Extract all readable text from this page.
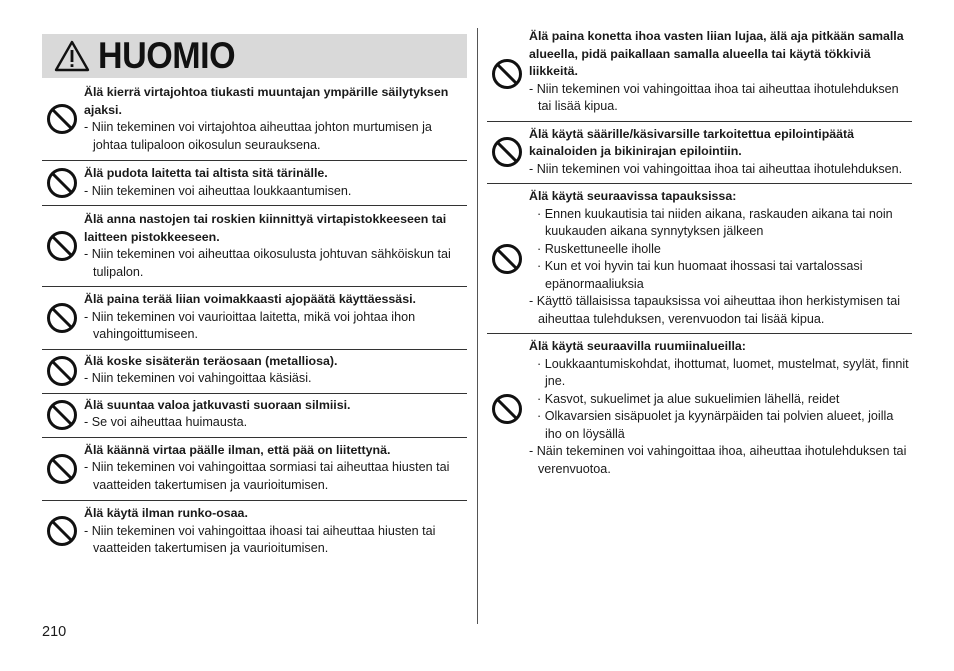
HUOMIO
Älä kierrä virtajohtoa tiukasti muuntajan ympärille säilytyksen ajaksi.
- Niin tekeminen voi virtajohtoa aiheuttaa johton murtumisen ja johtaa tulipaloon oikosulun seurauksena.
Älä pudota laitetta tai altista sitä tärinälle.
- Niin tekeminen voi aiheuttaa loukkaantumisen.
Älä anna nastojen tai roskien kiinnittyä virtapistokkeeseen tai laitteen pistokkeeseen.
- Niin tekeminen voi aiheuttaa oikosulusta johtuvan sähköiskun tai tulipalon.
Älä paina terää liian voimakkaasti ajopäätä käyttäessäsi.
- Niin tekeminen voi vaurioittaa laitetta, mikä voi johtaa ihon vahingoittumiseen.
Älä koske sisäterän teräosaan (metalliosa).
- Niin tekeminen voi vahingoittaa käsiäsi.
Älä suuntaa valoa jatkuvasti suoraan silmiisi.
- Se voi aiheuttaa huimausta.
Älä käännä virtaa päälle ilman, että pää on liitettynä.
- Niin tekeminen voi vahingoittaa sormiasi tai aiheuttaa hiusten tai vaatteiden takertumisen ja vaurioitumisen.
Älä käytä ilman runko-osaa.
- Niin tekeminen voi vahingoittaa ihoasi tai aiheuttaa hiusten tai vaatteiden takertumisen ja vaurioitumisen.
Älä paina konetta ihoa vasten liian lujaa, älä aja pitkään samalla alueella, pidä paikallaan samalla alueella tai käytä tökkiviä liikkeitä.
- Niin tekeminen voi vahingoittaa ihoa tai aiheuttaa ihotulehduksen tai lisää kipua.
Älä käytä säärille/käsivarsille tarkoitettua epilointipäätä kainaloiden ja bikinirajan epilointiin.
- Niin tekeminen voi vahingoittaa ihoa tai aiheuttaa ihotulehduksen.
Älä käytä seuraavissa tapauksissa:
· Ennen kuukautisia tai niiden aikana, raskauden aikana tai noin kuukauden aikana synnytyksen jälkeen
· Ruskettuneelle iholle
· Kun et voi hyvin tai kun huomaat ihossasi tai vartalossasi epänormaaliuksia
- Käyttö tällaisissa tapauksissa voi aiheuttaa ihon herkistymisen tai aiheuttaa tulehduksen, verenvuodon tai lisää kipua.
Älä käytä seuraavilla ruumiinalueilla:
· Loukkaantumiskohdat, ihottumat, luomet, mustelmat, syylät, finnit jne.
· Kasvot, sukuelimet ja alue sukuelimien lähellä, reidet
· Olkavarsien sisäpuolet ja kyynärpäiden tai polvien alueet, joilla iho on löysällä
- Näin tekeminen voi vahingoittaa ihoa, aiheuttaa ihotulehduksen tai verenvuotoa.
210
